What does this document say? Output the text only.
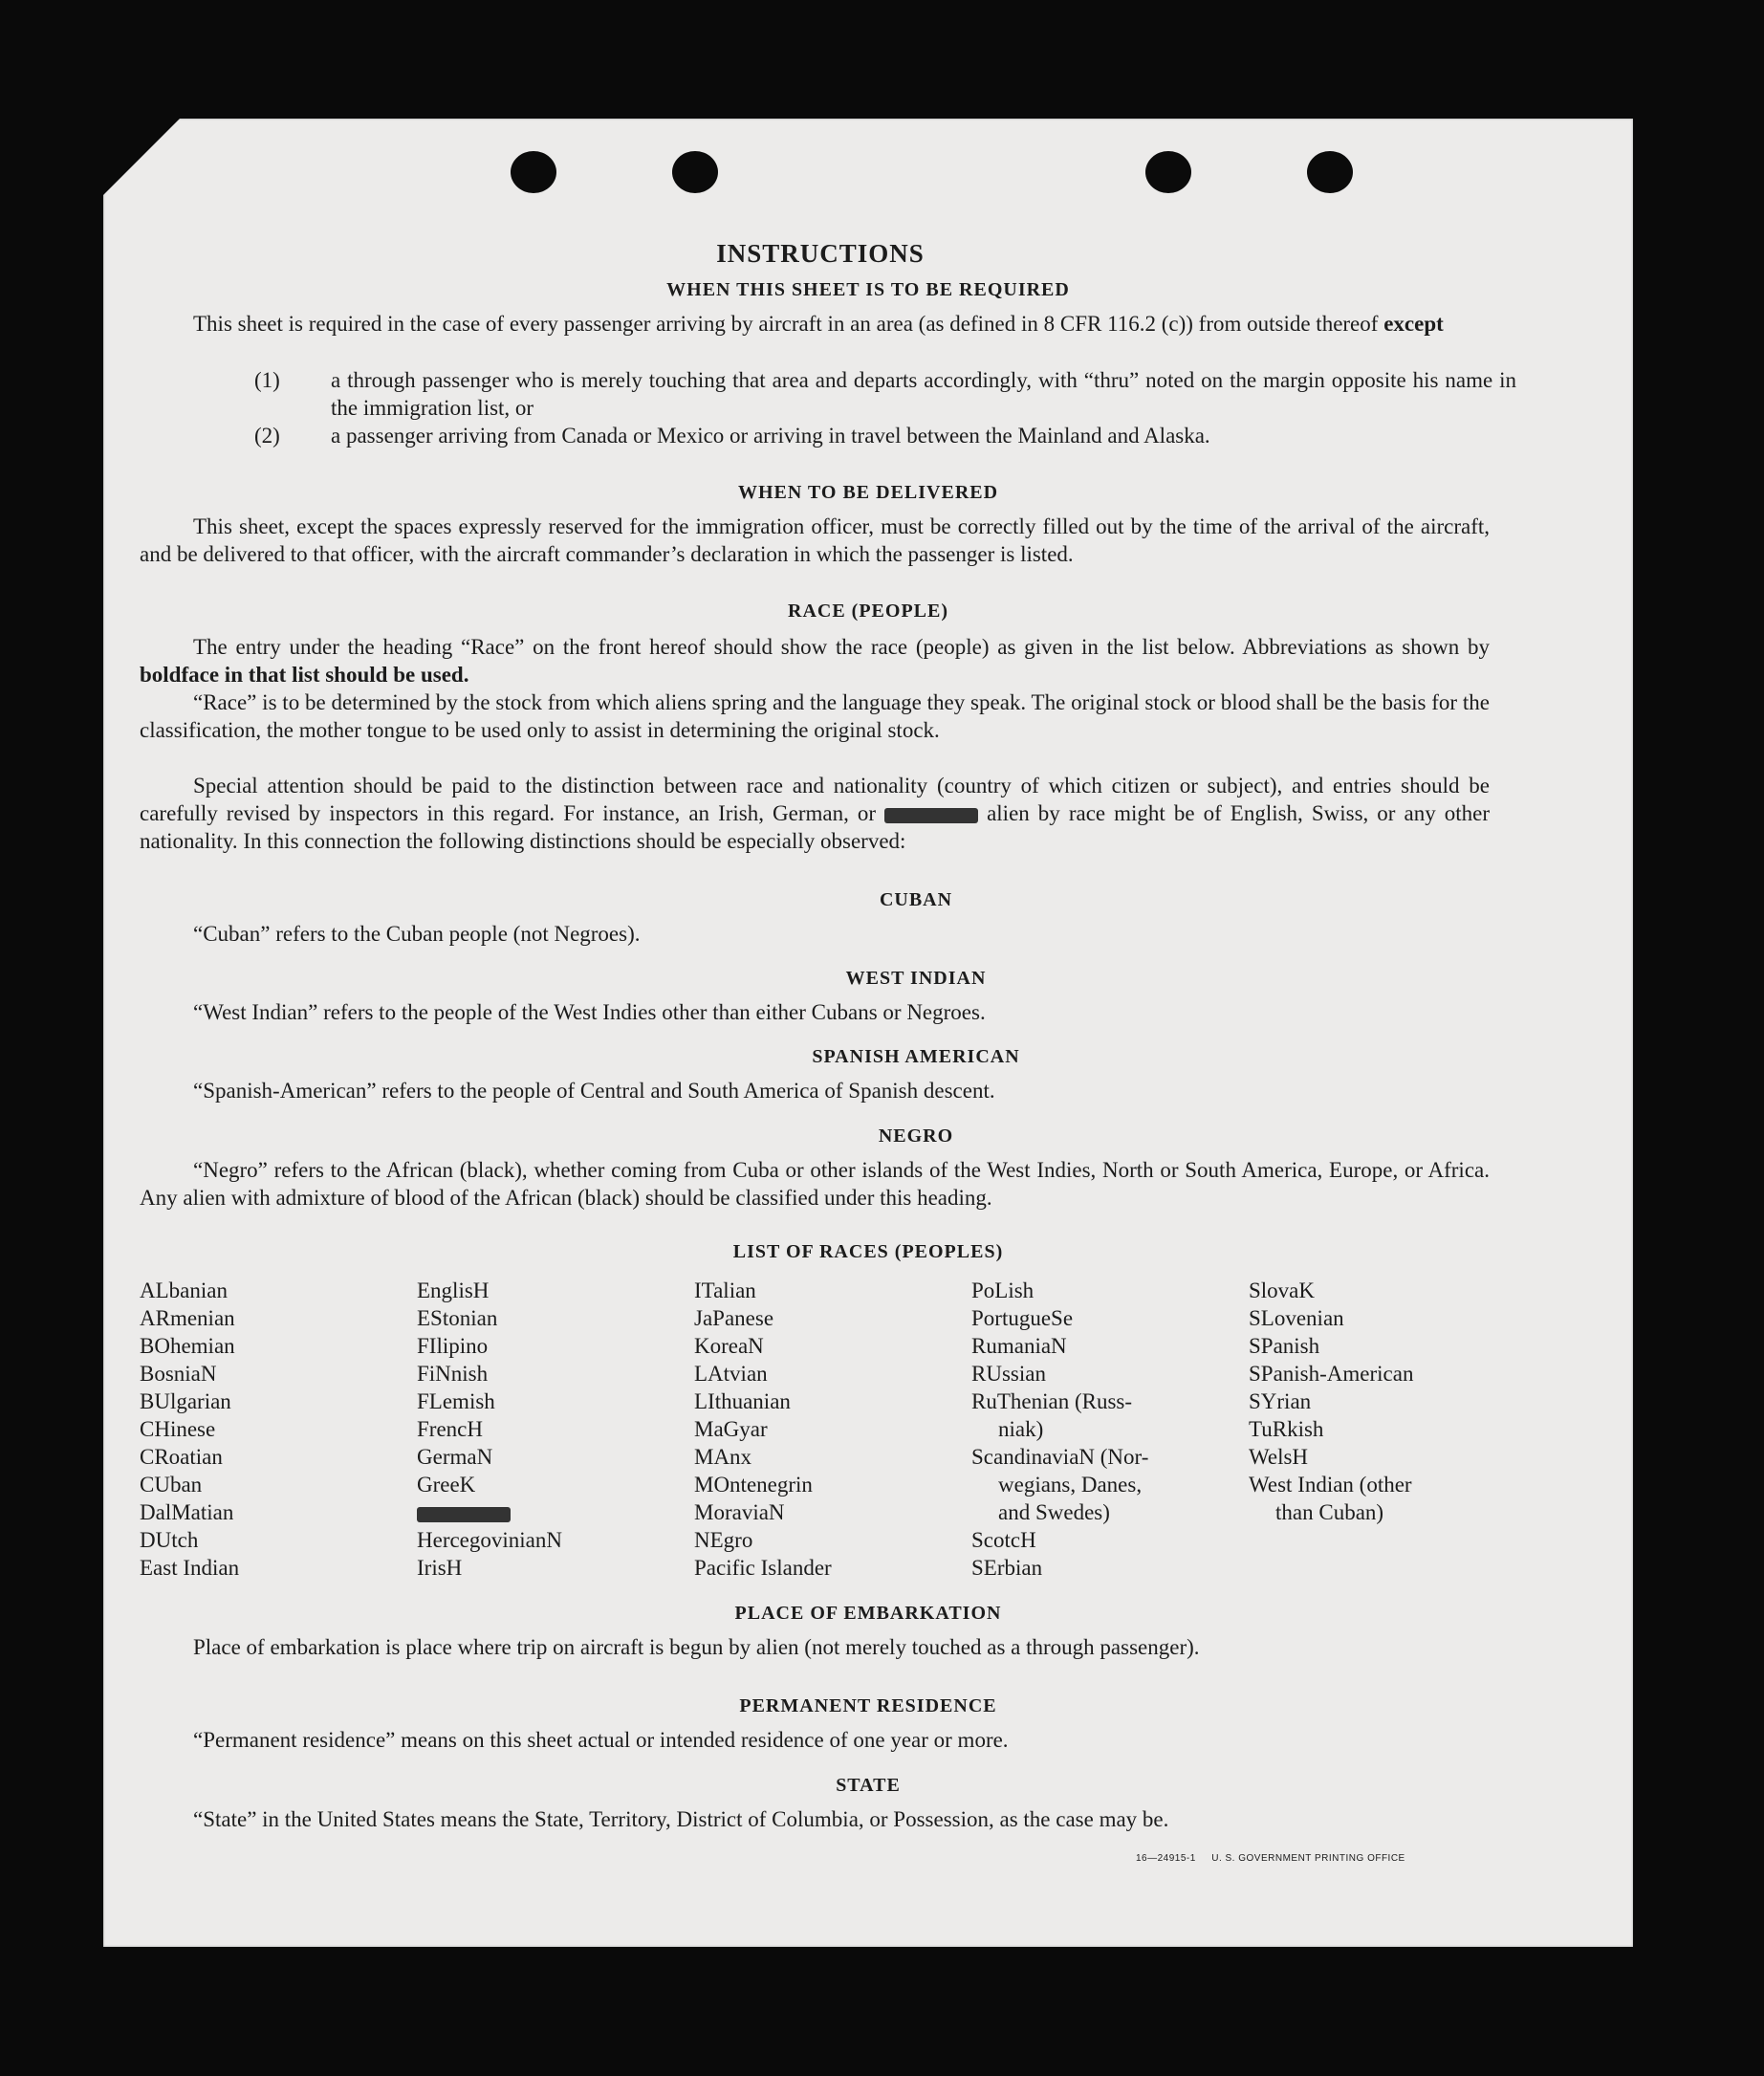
INSTRUCTIONS
WHEN THIS SHEET IS TO BE REQUIRED

This sheet is required in the case of every passenger arriving by aircraft in an area (as defined in 8 CFR 116.2 (c)) from outside thereof except

(1) a through passenger who is merely touching that area and departs accordingly, with “thru” noted on the margin opposite his name in the immigration list, or
(2) a passenger arriving from Canada or Mexico or arriving in travel between the Mainland and Alaska.
WHEN TO BE DELIVERED

This sheet, except the spaces expressly reserved for the immigration officer, must be correctly filled out by the time of the arrival of the aircraft, and be delivered to that officer, with the aircraft commander’s declaration in which the passenger is listed.

RACE (PEOPLE)

The entry under the heading “Race” on the front hereof should show the race (people) as given in the list below. Abbreviations as shown by boldface in that list should be used.

“Race” is to be determined by the stock from which aliens spring and the language they speak. The original stock or blood shall be the basis for the classification, the mother tongue to be used only to assist in determining the original stock.

Special attention should be paid to the distinction between race and nationality (country of which citizen or subject), and entries should be carefully revised by inspectors in this regard. For instance, an Irish, German, or	alien by race might be of English, Swiss, or any other nationality. In this connection the following distinctions should be especially observed:

CUBAN

“Cuban” refers to the Cuban people (not Negroes).

WEST INDIAN

“West Indian” refers to the people of the West Indies other than either Cubans or Negroes.

SPANISH AMERICAN

“Spanish-American” refers to the people of Central and South America of Spanish descent.

NEGRO

“Negro” refers to the African (black), whether coming from Cuba or other islands of the West Indies, North or South America, Europe, or Africa. Any alien with admixture of blood of the African (black) should be classified under this heading.

LIST OF RACES (PEOPLES)
ALbanian
ARmenian
BOhemian
BosniaN
BUlgarian
CHinese
CRoatian
CUban
DalMatian
DUtch
East Indian
EnglisH
EStonian
FIlipino
FiNnish
FLemish
FrencH
GermaN
GreeK
HercegovinianN
IrisH
ITalian
JaPanese
KoreaN
LAtvian
LIthuanian
MaGyar
MAnx
MOntenegrin
MoraviaN
NEgro
Pacific Islander
PoLish
PortugueSe
RumaniaN
RUssian
RuThenian (Russ-
niak)
ScandinaviaN (Nor-
wegians, Danes,
and Swedes)
ScotcH
SErbian
SlovaK
SLovenian
SPanish
SPanish-American
SYrian
TuRkish
WelsH
West Indian (other
than Cuban)
PLACE OF EMBARKATION

Place of embarkation is place where trip on aircraft is begun by alien (not merely touched as a through passenger).

PERMANENT RESIDENCE

“Permanent residence” means on this sheet actual or intended residence of one year or more.

STATE

“State” in the United States means the State, Territory, District of Columbia, or Possession, as the case may be.

16—24915-1 U. S. GOVERNMENT PRINTING OFFICE
